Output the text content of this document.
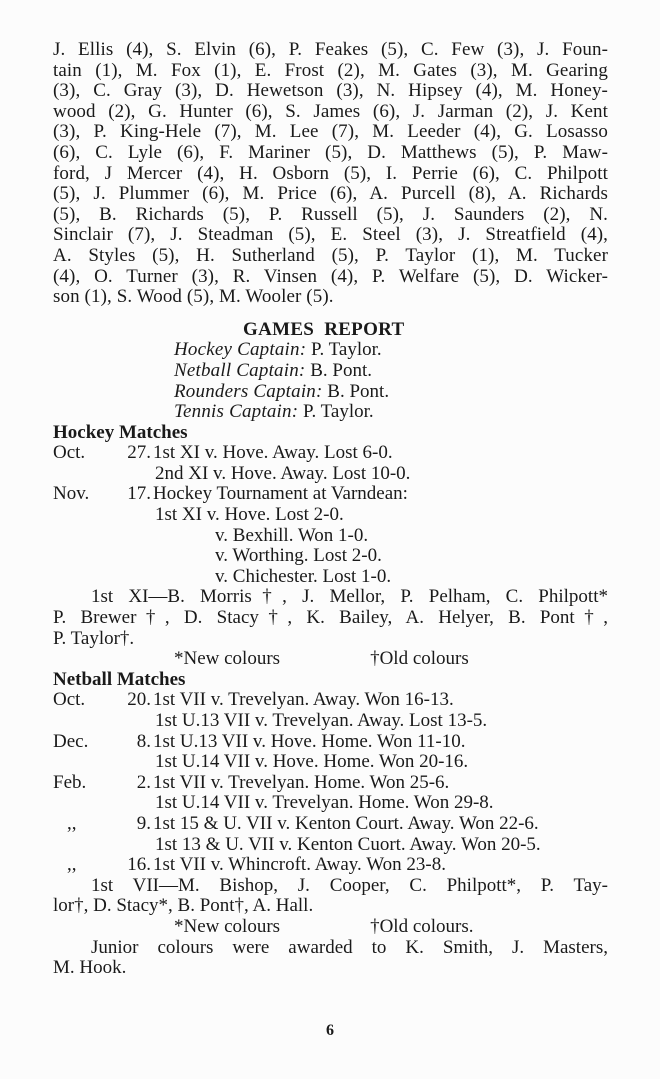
J. Ellis (4), S. Elvin (6), P. Feakes (5), C. Few (3), J. Foun-
tain (1), M. Fox (1), E. Frost (2), M. Gates (3), M. Gearing
(3), C. Gray (3), D. Hewetson (3), N. Hipsey (4), M. Honey-
wood (2), G. Hunter (6), S. James (6), J. Jarman (2), J. Kent
(3), P. King-Hele (7), M. Lee (7), M. Leeder (4), G. Losasso
(6), C. Lyle (6), F. Mariner (5), D. Matthews (5), P. Maw-
ford, J Mercer (4), H. Osborn (5), I. Perrie (6), C. Philpott
(5), J. Plummer (6), M. Price (6), A. Purcell (8), A. Richards
(5), B. Richards (5), P. Russell (5), J. Saunders (2), N.
Sinclair (7), J. Steadman (5), E. Steel (3), J. Streatfield (4),
A. Styles (5), H. Sutherland (5), P. Taylor (1), M. Tucker
(4), O. Turner (3), R. Vinsen (4), P. Welfare (5), D. Wicker-
son (1), S. Wood (5), M. Wooler (5).
GAMES REPORT
Hockey Captain: P. Taylor.
Netball Captain: B. Pont.
Rounders Captain: B. Pont.
Tennis Captain: P. Taylor.
Hockey Matches
Oct.	27. 1st XI v. Hove. Away. Lost 6-0.
2nd XI v. Hove. Away. Lost 10-0.
Nov.	17. Hockey Tournament at Varndean:
1st XI v. Hove. Lost 2-0.
v. Bexhill. Won 1-0.
v. Worthing. Lost 2-0.
v. Chichester. Lost 1-0.
1st XI—B. Morris†, J. Mellor, P. Pelham, C. Philpott*
P. Brewer†, D. Stacy†, K. Bailey, A. Helyer, B. Pont†,
P. Taylor†.
*New colours	†Old colours
Netball Matches
Oct.	20. 1st VII v. Trevelyan. Away. Won 16-13.
1st U.13 VII v. Trevelyan. Away. Lost 13-5.
Dec.	8. 1st U.13 VII v. Hove. Home. Won 11-10.
1st U.14 VII v. Hove. Home. Won 20-16.
Feb.	2. 1st VII v. Trevelyan. Home. Won 25-6.
1st U.14 VII v. Trevelyan. Home. Won 29-8.
,,	9. 1st 15 & U. VII v. Kenton Court. Away. Won 22-6.
1st 13 & U. VII v. Kenton Cuort. Away. Won 20-5.
,,	16. 1st VII v. Whincroft. Away. Won 23-8.
1st VII—M. Bishop, J. Cooper, C. Philpott*, P. Tay-
lor†, D. Stacy*, B. Pont†, A. Hall.
*New colours	†Old colours.
Junior colours were awarded to K. Smith, J. Masters,
M. Hook.
6
